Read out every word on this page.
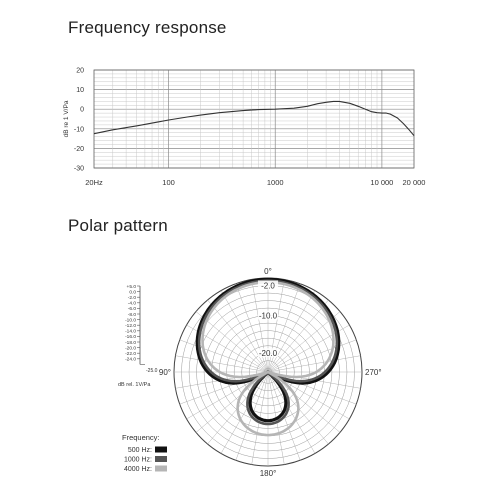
Frequency response
Polar pattern
20Hz	100	1000	10 000 20 000
20
10
0
-10
-20
-30
dB re 1 V/Pa
+5.0
0.0
-2.0
-4.0
-6.0
-8.0
-10.0
-12.0
-14.0
-16.0
-18.0
-20.0
-22.0
-24.0
dB rel. 1V/Pa
-25.0
-2.0
-10.0
-20.0
0°
90°
180°
270°
Frequency:
500 Hz:
1000 Hz:
4000 Hz:
